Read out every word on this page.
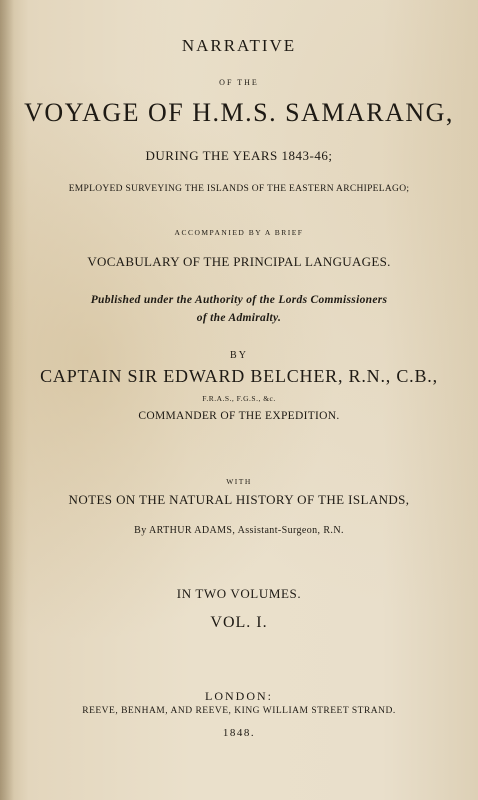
NARRATIVE
OF THE
VOYAGE OF H.M.S. SAMARANG,
DURING THE YEARS 1843-46;
EMPLOYED SURVEYING THE ISLANDS OF THE EASTERN ARCHIPELAGO;
ACCOMPANIED BY A BRIEF
VOCABULARY OF THE PRINCIPAL LANGUAGES.
Published under the Authority of the Lords Commissioners
of the Admiralty.
BY
CAPTAIN SIR EDWARD BELCHER, R.N., C.B.,
F.R.A.S., F.G.S., &c.
COMMANDER OF THE EXPEDITION.
WITH
NOTES ON THE NATURAL HISTORY OF THE ISLANDS,
By ARTHUR ADAMS, Assistant-Surgeon, R.N.
IN TWO VOLUMES.
VOL. I.
LONDON:
REEVE, BENHAM, AND REEVE, KING WILLIAM STREET STRAND.
1848.
